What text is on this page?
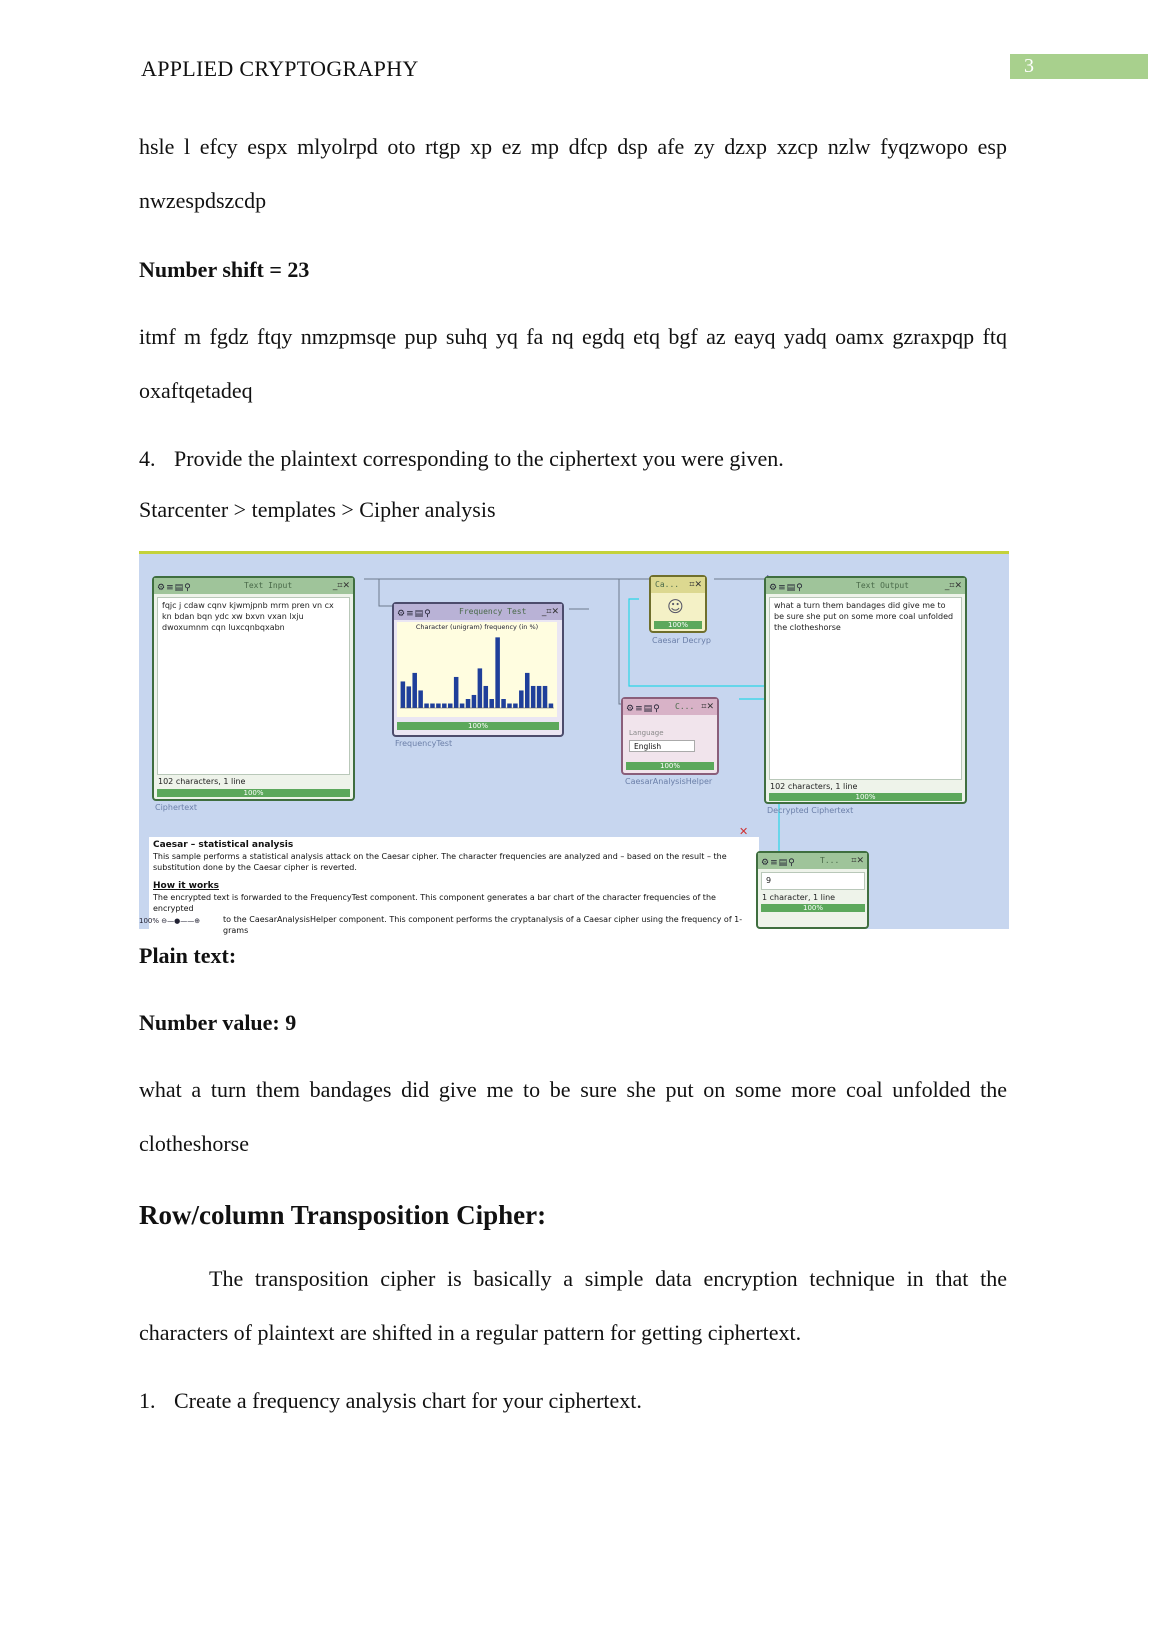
APPLIED CRYPTOGRAPHY	3
hsle l efcy espx mlyolrpd oto rtgp xp ez mp dfcp dsp afe zy dzxp xzcp nzlw fyqzwopo esp
nwzespdszcdp
Number shift = 23
itmf m fgdz ftqy nmzpmsqe pup suhq yq fa nq egdq etq bgf az eayq yadq oamx gzraxpqp ftq
oxaftqetadeq
4. Provide the plaintext corresponding to the ciphertext you were given.
Starcenter > templates > Cipher analysis
⚙≡▤⚲	Text Input	_⌗✕
fqjc j cdaw cqnv kjwmjpnb mrm pren vn cx kn bdan bqn ydc xw bxvn vxan lxju dwoxumnm cqn luxcqnbqxabn
102 characters, 1 line
100%
Ciphertext
⚙≡▤⚲	Frequency Test _⌗✕
Character (unigram) frequency (in %)
100%
FrequencyTest
Ca... ⌗✕
☺
100%
Caesar Decryp
⚙≡▤⚲ C... ⌗✕
Language
English
100%
CaesarAnalysisHelper
⚙≡▤⚲	Text Output	_⌗✕
what a turn them bandages did give me to be sure she put on some more coal unfolded the clotheshorse
102 characters, 1 line
100%
Decrypted Ciphertext
Caesar – statistical analysis
This sample performs a statistical analysis attack on the Caesar cipher. The character frequencies are analyzed and – based on the result – the substitution done by the Caesar cipher is reverted.
How it works
The encrypted text is forwarded to the FrequencyTest component. This component generates a bar chart of the character frequencies of the encrypted
to the CaesarAnalysisHelper component. This component performs the cryptanalysis of a Caesar cipher using the frequency of 1-grams
✕
100% ⊖—●——⊕
⚙≡▤⚲	T... ⌗✕
9
1 character, 1 line
100%
Plain text:
Number value: 9
what a turn them bandages did give me to be sure she put on some more coal unfolded the
clotheshorse
Row/column Transposition Cipher:
The transposition cipher is basically a simple data encryption technique in that the
characters of plaintext are shifted in a regular pattern for getting ciphertext.
1. Create a frequency analysis chart for your ciphertext.
